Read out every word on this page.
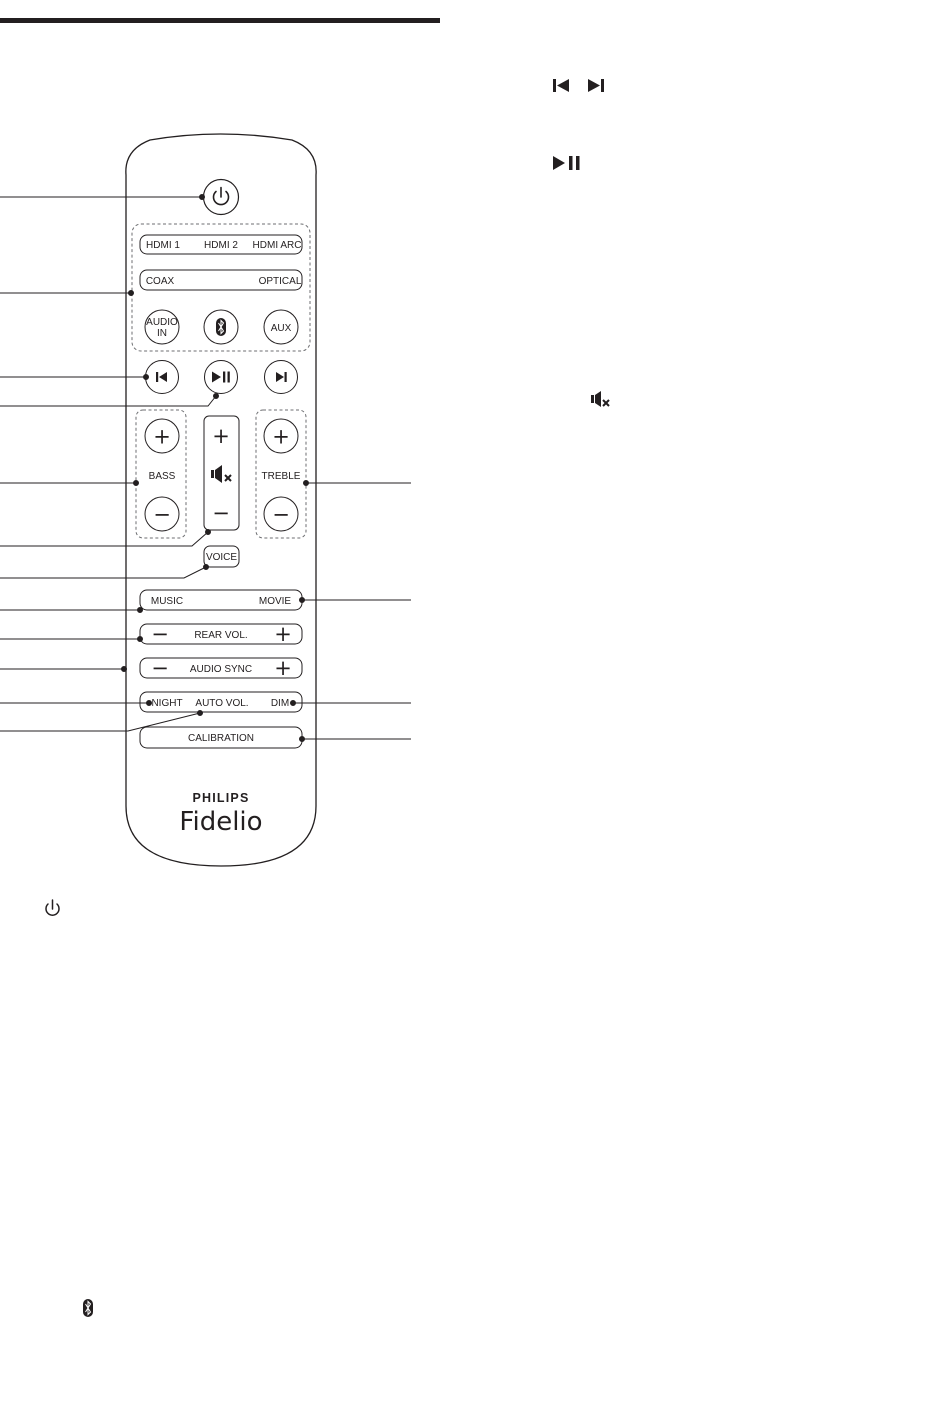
HDMI 1 HDMI 2 HDMI ARC
COAX	OPTICAL
AUDIO
IN	AUX
+
BASS
−
+
−
+
TREBLE
−
VOICE
MUSIC	MOVIE
−	REAR VOL. +
− AUDIO SYNC +
NIGHT AUTO VOL. DIM
CALIBRATION
PHILIPS
Fidelio
